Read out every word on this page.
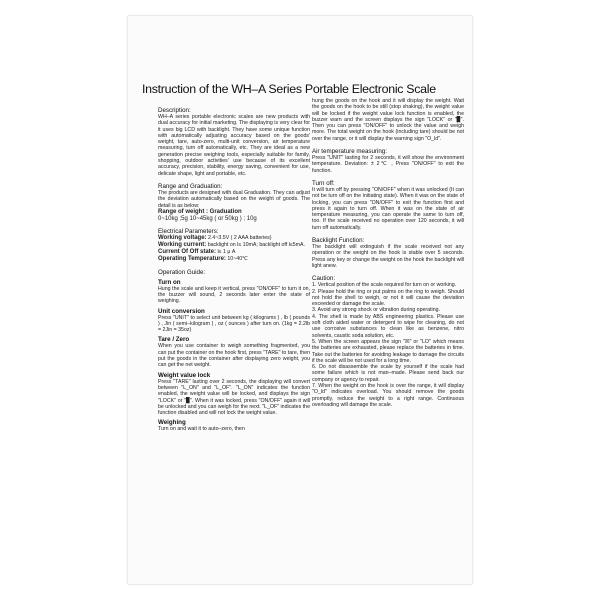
Instruction of the WH–A Series Portable Electronic Scale
Description:

WH–A series portable electronic scales are new products with dual accuracy for initial marketing. The displaying is very clear for it uses big LCD with backlight. They have some unique function with automatically adjusting accuracy based on the goods' weight, tare, auto-zero, multi-unit conversion, air temperature measuring, turn off automatically, etc. They are ideal as a new generation precise weighing tools, especially suitable for family, shopping, outdoor activities' use because of its excellent accuracy, precision, stability, energy saving, convenient for use, delicate shape, light and portable, etc.

Range and Graduation:

The products are designed with dual Graduation. They can adjust the deviation automatically based on the weight of goods. The detail is as below:

Range of weight : Graduation
0~10kg ;5g 10~45kg ( or 50kg ) ; 10g
Electrical Parameters:

Working voltage: 2.4~3.5V ( 2 AAA batteries)

Working current: backlight on l≤ 10mA; backlight off l≤5mA.

Current Of Off state: l≤ 1 μ A

Operating Temperature: 10~40℃

Operation Guide:
Turn on

Hung the scale and keep it vertical, press "ON/OFF" to turn it on, the buzzer will sound, 2 seconds later enter the state of weighing.

Unit conversion

Press "UNIT" to select unit between kg ( kilograms ) , lb ( pounds ) , Jin ( semi–kilogram ) , oz ( ounces ) after turn on. (1kg = 2.2lb = 2Jin = 35oz)

Tare / Zero

When you use container to weigh something fragmented, you can put the container on the hook first, press "TARE" to tare, then put the goods in the container after displaying zero weight, you can get the net weight.

Weight value lock

Press "TARE" lasting over 2 seconds, the displaying will convert between "L_ON" and "L_OF". "L_ON" indicates the function enabled, the weight value will be locked, and displays the sign "LOCK" or "▉". When it was locked, press "ON/OFF" again it will be unlocked and you can weigh for the next. "L_OF" indicates the function disabled and will not lock the weight value.

Weighing

Turn on and wait it to auto–zero, then

hung the goods on the hook and it will display the weight. Wait the goods on the hook to be still (stop shaking), the weight value will be locked if the weight value lock function is enabled, the buzzer warn and the screen displays the sign "LOCK" or "▉". Then you can press "ON/OFF" to unlock the value and weigh more. The total weight on the hook (including tare) should be not over the range, or it will display the warning sign "O_ld".

Air temperature measuring:

Press "UNIT" lasting for 2 seconds, it will show the environment temperature. Deviation: ± 2℃ , Press "ON/OFF" to exit the function.

Turn off:

It will turn off by pressing "ON/OFF" when it was unlocked (It can not be turn off on the initiating state). When it was on the state of locking, you can press "ON/OFF" to exit the function first and press it again to turn off. When it was on the state of air temperature measuring, you can operate the same to turn off, too. If the scale received no operation over 120 seconds, it will turn off automatically.

Backlight Function:

The backlight will extinguish if the scale received not any operation or the weight on the hook is stable over 5 seconds. Press any key or change the weight on the hook the backlight will light anew.

Caution:

1. Vertical position of the scale required for turn on or working.

2. Please hold the ring or put palms on the ring to weigh. Should not hold the shell to weigh, or not it will cause the deviation exceeded or damage the scale.

3. Avoid any strong shock or vibration during operating.

4. The shell is made by ABS engineering plastics. Please use soft cloth aided water or detergent to wipe for cleaning, do not use corrosive substances to clean like as benzene, nitro solvents, caustic soda solution, etc.

5. When the screen appears the sign "☒" or "LO" which means the batteries are exhausted, please replace the batteries in time. Take out the batteries for avoiding leakage to damage the circuits if the scale will be not used for a long time.

6. Do not disassemble the scale by yourself if the scale had some failure which is not man–made. Please send back our company or agency to repair.

7. When the weight on the hook is over the range, it will display "O_ld" indicates overload. You should remove the goods promptly, reduce the weight to a right range. Continuous overloading will damage the scale.
